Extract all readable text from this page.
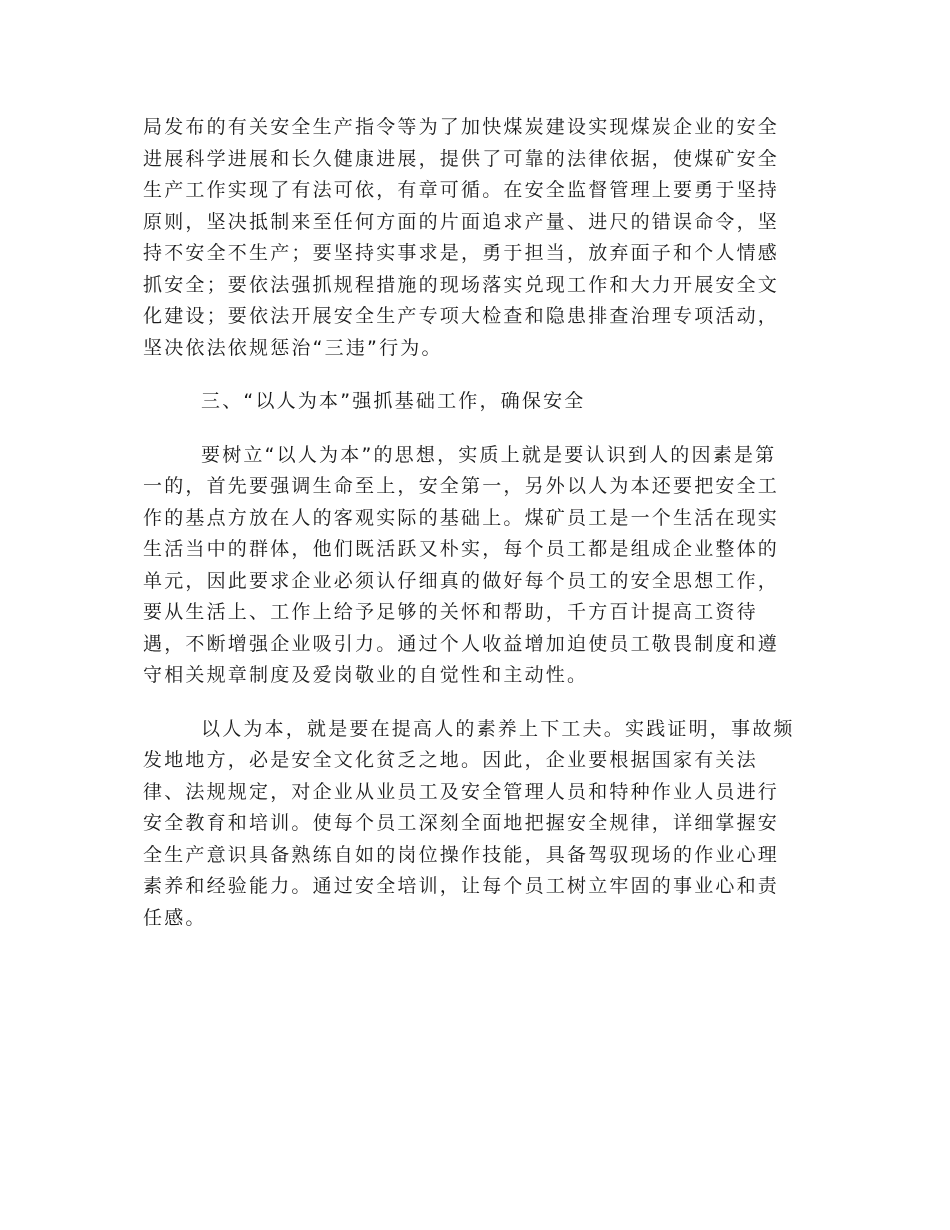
局发布的有关安全生产指令等为了加快煤炭建设实现煤炭企业的安全
进展科学进展和长久健康进展，提供了可靠的法律依据，使煤矿安全
生产工作实现了有法可依，有章可循。在安全监督管理上要勇于坚持
原则，坚决抵制来至任何方面的片面追求产量、进尺的错误命令，坚
持不安全不生产；要坚持实事求是，勇于担当，放弃面子和个人情感
抓安全；要依法强抓规程措施的现场落实兑现工作和大力开展安全文
化建设；要依法开展安全生产专项大检查和隐患排查治理专项活动，
坚决依法依规惩治“三违”行为。
三、“以人为本”强抓基础工作，确保安全
要树立“以人为本”的思想，实质上就是要认识到人的因素是第
一的，首先要强调生命至上，安全第一，另外以人为本还要把安全工
作的基点方放在人的客观实际的基础上。煤矿员工是一个生活在现实
生活当中的群体，他们既活跃又朴实，每个员工都是组成企业整体的
单元，因此要求企业必须认仔细真的做好每个员工的安全思想工作，
要从生活上、工作上给予足够的关怀和帮助，千方百计提高工资待
遇，不断增强企业吸引力。通过个人收益增加迫使员工敬畏制度和遵
守相关规章制度及爱岗敬业的自觉性和主动性。
以人为本，就是要在提高人的素养上下工夫。实践证明，事故频
发地地方，必是安全文化贫乏之地。因此，企业要根据国家有关法
律、法规规定，对企业从业员工及安全管理人员和特种作业人员进行
安全教育和培训。使每个员工深刻全面地把握安全规律，详细掌握安
全生产意识具备熟练自如的岗位操作技能，具备驾驭现场的作业心理
素养和经验能力。通过安全培训，让每个员工树立牢固的事业心和责
任感。
